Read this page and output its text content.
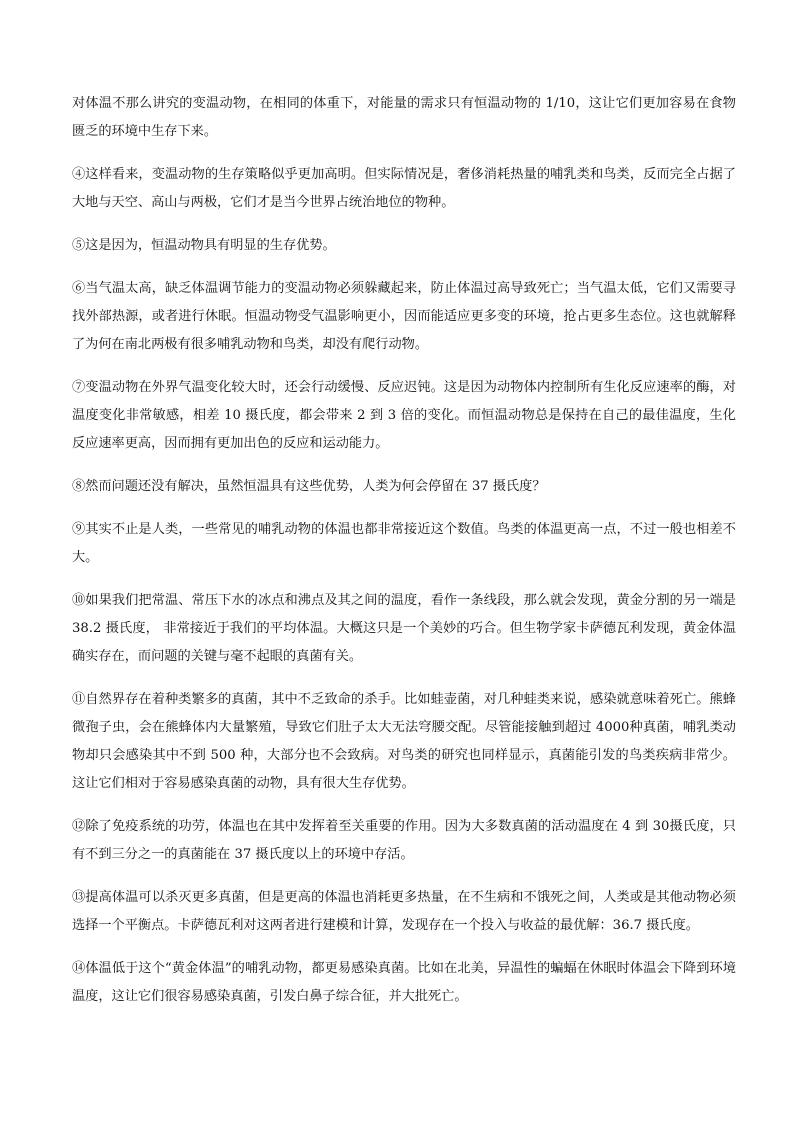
对体温不那么讲究的变温动物，在相同的体重下，对能量的需求只有恒温动物的 1/10，这让它们更加容易在食物匮乏的环境中生存下来。

④这样看来，变温动物的生存策略似乎更加高明。但实际情况是，奢侈消耗热量的哺乳类和鸟类，反而完全占据了大地与天空、高山与两极，它们才是当今世界占统治地位的物种。

⑤这是因为，恒温动物具有明显的生存优势。

⑥当气温太高，缺乏体温调节能力的变温动物必须躲藏起来，防止体温过高导致死亡；当气温太低，它们又需要寻找外部热源，或者进行休眠。恒温动物受气温影响更小，因而能适应更多变的环境，抢占更多生态位。这也就解释了为何在南北两极有很多哺乳动物和鸟类，却没有爬行动物。

⑦变温动物在外界气温变化较大时，还会行动缓慢、反应迟钝。这是因为动物体内控制所有生化反应速率的酶，对温度变化非常敏感，相差 10 摄氏度，都会带来 2 到 3 倍的变化。而恒温动物总是保持在自己的最佳温度，生化反应速率更高，因而拥有更加出色的反应和运动能力。

⑧然而问题还没有解决，虽然恒温具有这些优势，人类为何会停留在 37 摄氏度？

⑨其实不止是人类，一些常见的哺乳动物的体温也都非常接近这个数值。鸟类的体温更高一点，不过一般也相差不大。

⑩如果我们把常温、常压下水的冰点和沸点及其之间的温度，看作一条线段，那么就会发现，黄金分割的另一端是 38.2 摄氏度， 非常接近于我们的平均体温。大概这只是一个美妙的巧合。但生物学家卡萨德瓦利发现，黄金体温确实存在，而问题的关键与毫不起眼的真菌有关。

⑪自然界存在着种类繁多的真菌，其中不乏致命的杀手。比如蛙壶菌，对几种蛙类来说，感染就意味着死亡。熊蜂微孢子虫，会在熊蜂体内大量繁殖，导致它们肚子太大无法穹腰交配。尽管能接触到超过 4000种真菌，哺乳类动物却只会感染其中不到 500 种，大部分也不会致病。对鸟类的研究也同样显示，真菌能引发的鸟类疾病非常少。这让它们相对于容易感染真菌的动物，具有很大生存优势。

⑫除了免疫系统的功劳，体温也在其中发挥着至关重要的作用。因为大多数真菌的活动温度在 4 到 30摄氏度，只有不到三分之一的真菌能在 37 摄氏度以上的环境中存活。

⑬提高体温可以杀灭更多真菌，但是更高的体温也消耗更多热量，在不生病和不饿死之间，人类或是其他动物必须选择一个平衡点。卡萨德瓦利对这两者进行建模和计算，发现存在一个投入与收益的最优解：36.7 摄氏度。

⑭体温低于这个“黄金体温”的哺乳动物，都更易感染真菌。比如在北美，异温性的蝙蝠在休眠时体温会下降到环境温度，这让它们很容易感染真菌，引发白鼻子综合征，并大批死亡。
